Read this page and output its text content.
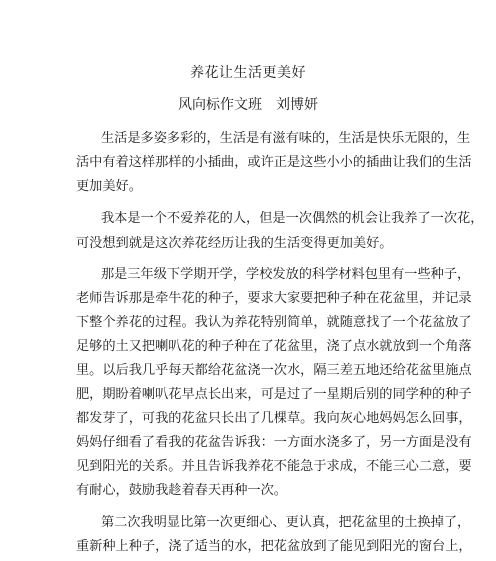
养花让生活更美好
风向标作文班　刘博妍
生活是多姿多彩的，生活是有滋有味的，生活是快乐无限的，生
活中有着这样那样的小插曲，或许正是这些小小的插曲让我们的生活
更加美好。
我本是一个不爱养花的人，但是一次偶然的机会让我养了一次花，
可没想到就是这次养花经历让我的生活变得更加美好。
那是三年级下学期开学，学校发放的科学材料包里有一些种子，
老师告诉那是牵牛花的种子，要求大家要把种子种在花盆里，并记录
下整个养花的过程。我认为养花特别简单，就随意找了一个花盆放了
足够的土又把喇叭花的种子种在了花盆里，浇了点水就放到一个角落
里。以后我几乎每天都给花盆浇一次水，隔三差五地还给花盆里施点
肥，期盼着喇叭花早点长出来，可是过了一星期后别的同学种的种子
都发芽了，可我的花盆只长出了几棵草。我向灰心地妈妈怎么回事，
妈妈仔细看了看我的花盆告诉我：一方面水浇多了，另一方面是没有
见到阳光的关系。并且告诉我养花不能急于求成，不能三心二意，要
有耐心，鼓励我趁着春天再种一次。
第二次我明显比第一次更细心、更认真，把花盆里的土换掉了，
重新种上种子，浇了适当的水，把花盆放到了能见到阳光的窗台上，
